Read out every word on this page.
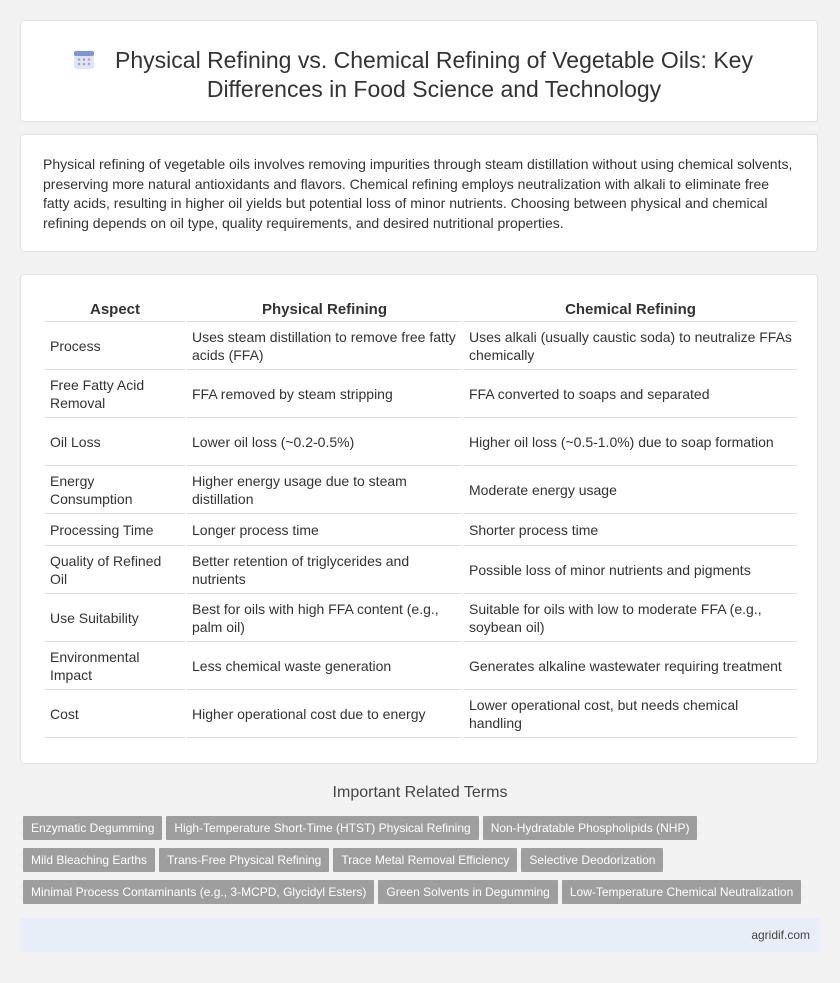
Physical Refining vs. Chemical Refining of Vegetable Oils: Key Differences in Food Science and Technology

Physical refining of vegetable oils involves removing impurities through steam distillation without using chemical solvents, preserving more natural antioxidants and flavors. Chemical refining employs neutralization with alkali to eliminate free fatty acids, resulting in higher oil yields but potential loss of minor nutrients. Choosing between physical and chemical refining depends on oil type, quality requirements, and desired nutritional properties.

Aspect	Physical Refining	Chemical Refining
Process	Uses steam distillation to remove free fatty acids (FFA)	Uses alkali (usually caustic soda) to neutralize FFAs chemically
Free Fatty Acid Removal	FFA removed by steam stripping	FFA converted to soaps and separated
Oil Loss	Lower oil loss (~0.2-0.5%)	Higher oil loss (~0.5-1.0%) due to soap formation
Energy Consumption	Higher energy usage due to steam distillation	Moderate energy usage
Processing Time	Longer process time	Shorter process time
Quality of Refined Oil	Better retention of triglycerides and nutrients	Possible loss of minor nutrients and pigments
Use Suitability	Best for oils with high FFA content (e.g., palm oil)	Suitable for oils with low to moderate FFA (e.g., soybean oil)
Environmental Impact	Less chemical waste generation	Generates alkaline wastewater requiring treatment
Cost	Higher operational cost due to energy	Lower operational cost, but needs chemical handling
Important Related Terms
Enzymatic Degumming High-Temperature Short-Time (HTST) Physical Refining Non-Hydratable Phospholipids (NHP)
Mild Bleaching Earths Trans-Free Physical Refining Trace Metal Removal Efficiency Selective Deodorization
Minimal Process Contaminants (e.g., 3-MCPD, Glycidyl Esters) Green Solvents in Degumming Low-Temperature Chemical Neutralization
agridif.com
